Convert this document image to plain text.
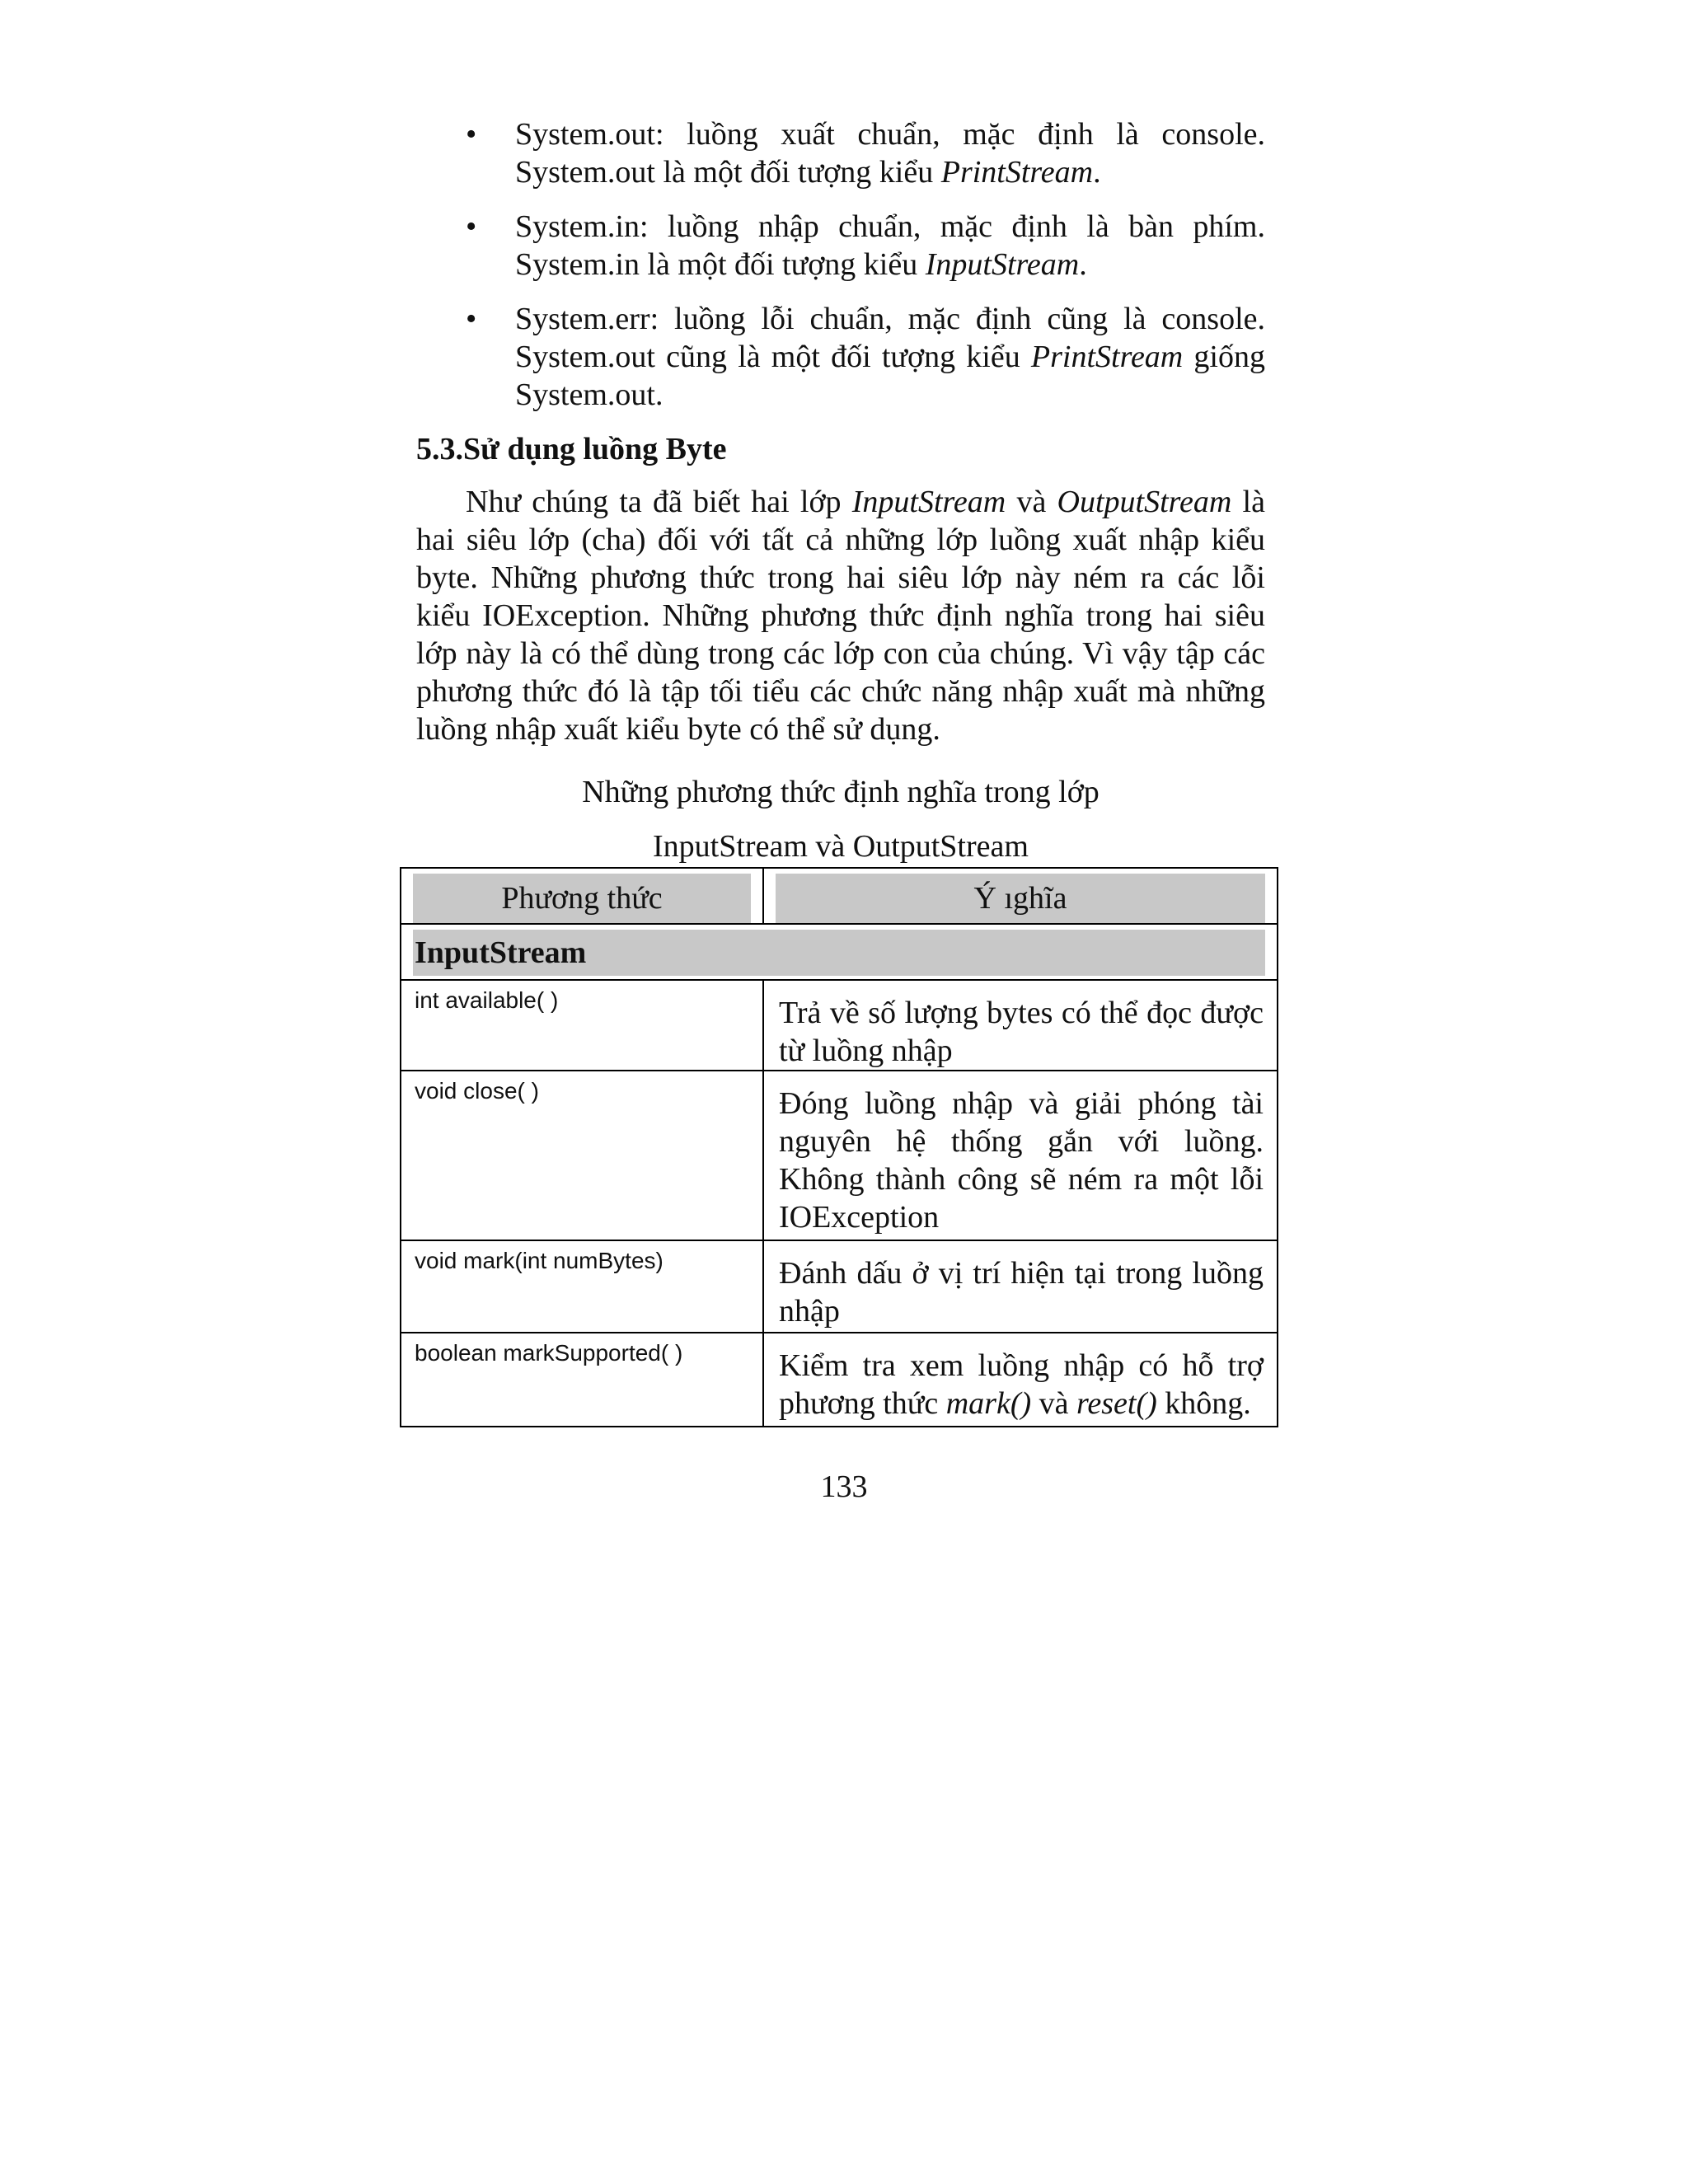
• System.out: luồng xuất chuẩn, mặc định là console. System.out là một đối tượng kiểu PrintStream.
• System.in: luồng nhập chuẩn, mặc định là bàn phím. System.in là một đối tượng kiểu InputStream.
• System.err: luồng lỗi chuẩn, mặc định cũng là console. System.out cũng là một đối tượng kiểu PrintStream giống System.out.
5.3.Sử dụng luồng Byte

Như chúng ta đã biết hai lớp InputStream và OutputStream là hai siêu lớp (cha) đối với tất cả những lớp luồng xuất nhập kiểu byte. Những phương thức trong hai siêu lớp này ném ra các lỗi kiểu IOException. Những phương thức định nghĩa trong hai siêu lớp này là có thể dùng trong các lớp con của chúng. Vì vậy tập các phương thức đó là tập tối tiểu các chức năng nhập xuất mà những luồng nhập xuất kiểu byte có thể sử dụng.

Những phương thức định nghĩa trong lớp
InputStream và OutputStream
Phương thức	Ý ıghĩa

InputStream	

int available( )	Trả về số lượng bytes có thể đọc được từ luồng nhập
void close( )	Đóng luồng nhập và giải phóng tài nguyên hệ thống gắn với luồng. Không thành công sẽ ném ra một lỗi IOException
void mark(int numBytes)	Đánh dấu ở vị trí hiện tại trong luồng nhập
boolean markSupported( )	Kiểm tra xem luồng nhập có hỗ trợ phương thức mark() và reset() không.
133
